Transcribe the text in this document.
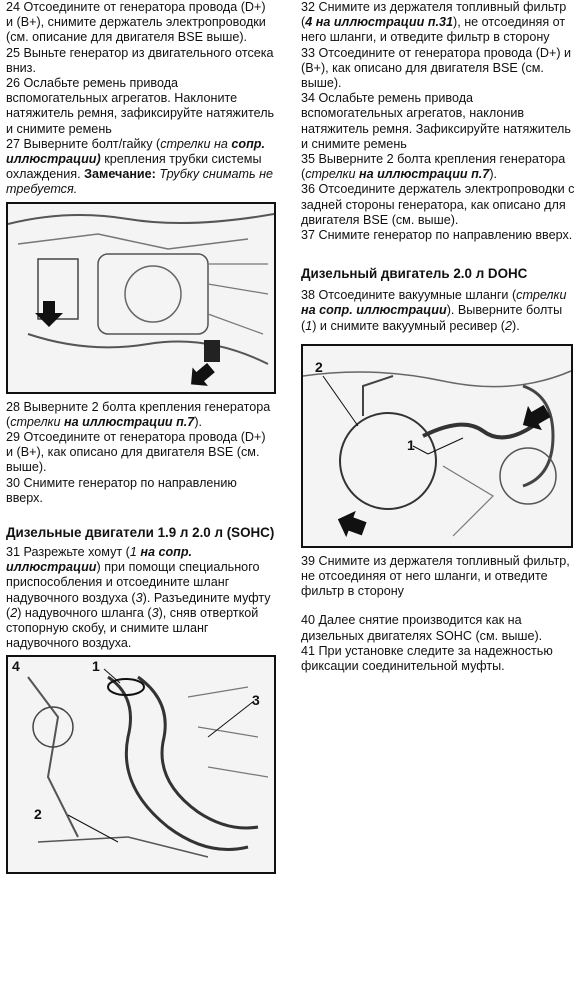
24 Отсоедините от генератора провода (D+) и (B+), снимите держатель электропроводки (см. описание для двигателя BSE выше).

25 Выньте генератор из двигательного отсека вниз.

26 Ослабьте ремень привода вспомогательных агрегатов. Наклоните натяжитель ремня, зафиксируйте натяжитель и снимите ремень

27 Выверните болт/гайку (стрелки на сопр. иллюстрации) крепления трубки системы охлаждения. Замечание: Трубку снимать не требуется.

28 Выверните 2 болта крепления генератора (стрелки на иллюстрации п.7).

29 Отсоедините от генератора провода (D+) и (B+), как описано для двигателя BSE (см. выше).

30 Снимите генератор по направлению вверх.

Дизельные двигатели 1.9 л 2.0 л (SOHC)

31 Разрежьте хомут (1 на сопр. иллюстрации) при помощи специального приспособления и отсоедините шланг надувочного воздуха (3). Разъедините муфту (2) надувочного шланга (3), сняв отверткой стопорную скобу, и снимите шланг надувочного воздуха.

4	1
3
2

32 Снимите из держателя топливный фильтр (4 на иллюстрации п.31), не отсоединяя от него шланги, и отведите фильтр в сторону

33 Отсоедините от генератора провода (D+) и (B+), как описано для двигателя BSE (см. выше).

34 Ослабьте ремень привода вспомогательных агрегатов, наклонив натяжитель ремня. Зафиксируйте натяжитель и снимите ремень

35 Выверните 2 болта крепления генератора (стрелки на иллюстрации п.7).

36 Отсоедините держатель электропроводки с задней стороны генератора, как описано для двигателя BSE (см. выше).

37 Снимите генератор по направлению вверх.

Дизельный двигатель 2.0 л DOHC

38 Отсоедините вакуумные шланги (стрелки на сопр. иллюстрации). Выверните болты (1) и снимите вакуумный ресивер (2).

2
1

39 Снимите из держателя топливный фильтр, не отсоединяя от него шланги, и отведите фильтр в сторону

40 Далее снятие производится как на дизельных двигателях SOHC (см. выше).

41 При установке следите за надежностью фиксации соединительной муфты.
